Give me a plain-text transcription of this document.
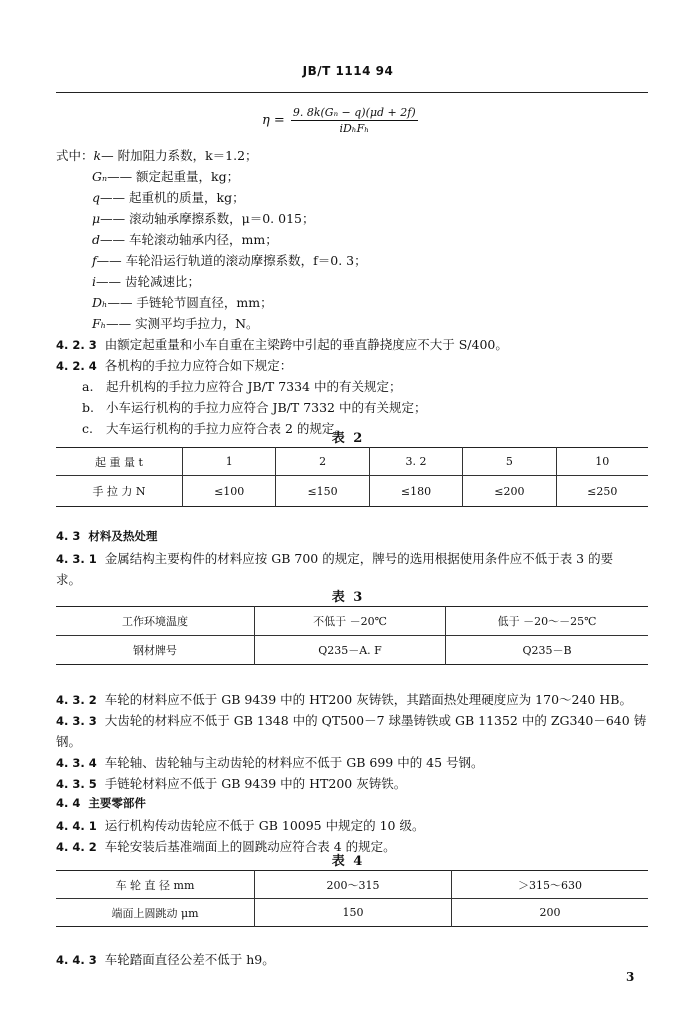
JB/T 1114 94
$\eta = \frac{\text{9. 8k(Gₙ − q)(μd + 2f)}}{\text{iDₕFₕ}}$
式中：k— 附加阻力系数，k＝1.2；
Gₙ—— 额定起重量，kg；
q—— 起重机的质量，kg；
μ—— 滚动轴承摩擦系数，μ＝0. 015；
d—— 车轮滚动轴承内径，mm；
f—— 车轮沿运行轨道的滚动摩擦系数，f＝0. 3；
i—— 齿轮减速比；
Dₕ—— 手链轮节圆直径，mm；
Fₕ—— 实测平均手拉力，N。
4. 2. 3 由额定起重量和小车自重在主梁跨中引起的垂直静挠度应不大于 S/400。
4. 2. 4 各机构的手拉力应符合如下规定：
a. 起升机构的手拉力应符合 JB/T 7334 中的有关规定；
b. 小车运行机构的手拉力应符合 JB/T 7332 中的有关规定；
c. 大车运行机构的手拉力应符合表 2 的规定。
表 2
起 重 量 t	1	2	3. 2	5	10
手 拉 力 N	≤100	≤150	≤180	≤200	≤250
4. 3 材料及热处理
4. 3. 1 金属结构主要构件的材料应按 GB 700 的规定，牌号的选用根据使用条件应不低于表 3 的要
求。
表 3
工作环境温度	不低于 －20℃	低于 －20～－25℃
钢材牌号	Q235－A. F	Q235－B
4. 3. 2 车轮的材料应不低于 GB 9439 中的 HT200 灰铸铁，其踏面热处理硬度应为 170～240 HB。
4. 3. 3 大齿轮的材料应不低于 GB 1348 中的 QT500－7 球墨铸铁或 GB 11352 中的 ZG340－640 铸
钢。
4. 3. 4 车轮轴、齿轮轴与主动齿轮的材料应不低于 GB 699 中的 45 号钢。
4. 3. 5 手链轮材料应不低于 GB 9439 中的 HT200 灰铸铁。
4. 4 主要零部件
4. 4. 1 运行机构传动齿轮应不低于 GB 10095 中规定的 10 级。
4. 4. 2 车轮安装后基准端面上的圆跳动应符合表 4 的规定。
表 4
车 轮 直 径 mm	200～315	＞315～630
端面上圆跳动 μm	150	200
4. 4. 3 车轮踏面直径公差不低于 h9。
3
